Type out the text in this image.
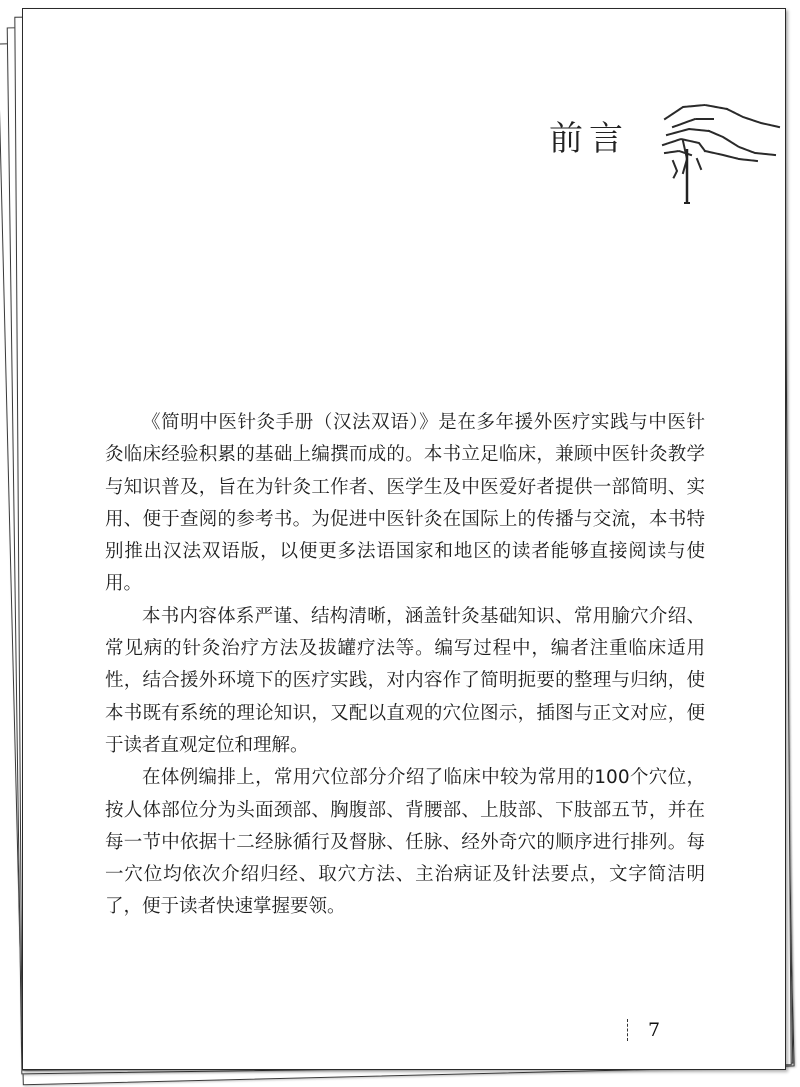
前言

《简明中医针灸手册（汉法双语）》是在多年援外医疗实践与中医针灸临床经验积累的基础上编撰而成的。本书立足临床，兼顾中医针灸教学与知识普及，旨在为针灸工作者、医学生及中医爱好者提供一部简明、实用、便于查阅的参考书。为促进中医针灸在国际上的传播与交流，本书特别推出汉法双语版，以便更多法语国家和地区的读者能够直接阅读与使用。

本书内容体系严谨、结构清晰，涵盖针灸基础知识、常用腧穴介绍、常见病的针灸治疗方法及拔罐疗法等。编写过程中，编者注重临床适用性，结合援外环境下的医疗实践，对内容作了简明扼要的整理与归纳，使本书既有系统的理论知识，又配以直观的穴位图示，插图与正文对应，便于读者直观定位和理解。

在体例编排上，常用穴位部分介绍了临床中较为常用的100个穴位，按人体部位分为头面颈部、胸腹部、背腰部、上肢部、下肢部五节，并在每一节中依据十二经脉循行及督脉、任脉、经外奇穴的顺序进行排列。每一穴位均依次介绍归经、取穴方法、主治病证及针法要点，文字简洁明了，便于读者快速掌握要领。

7
